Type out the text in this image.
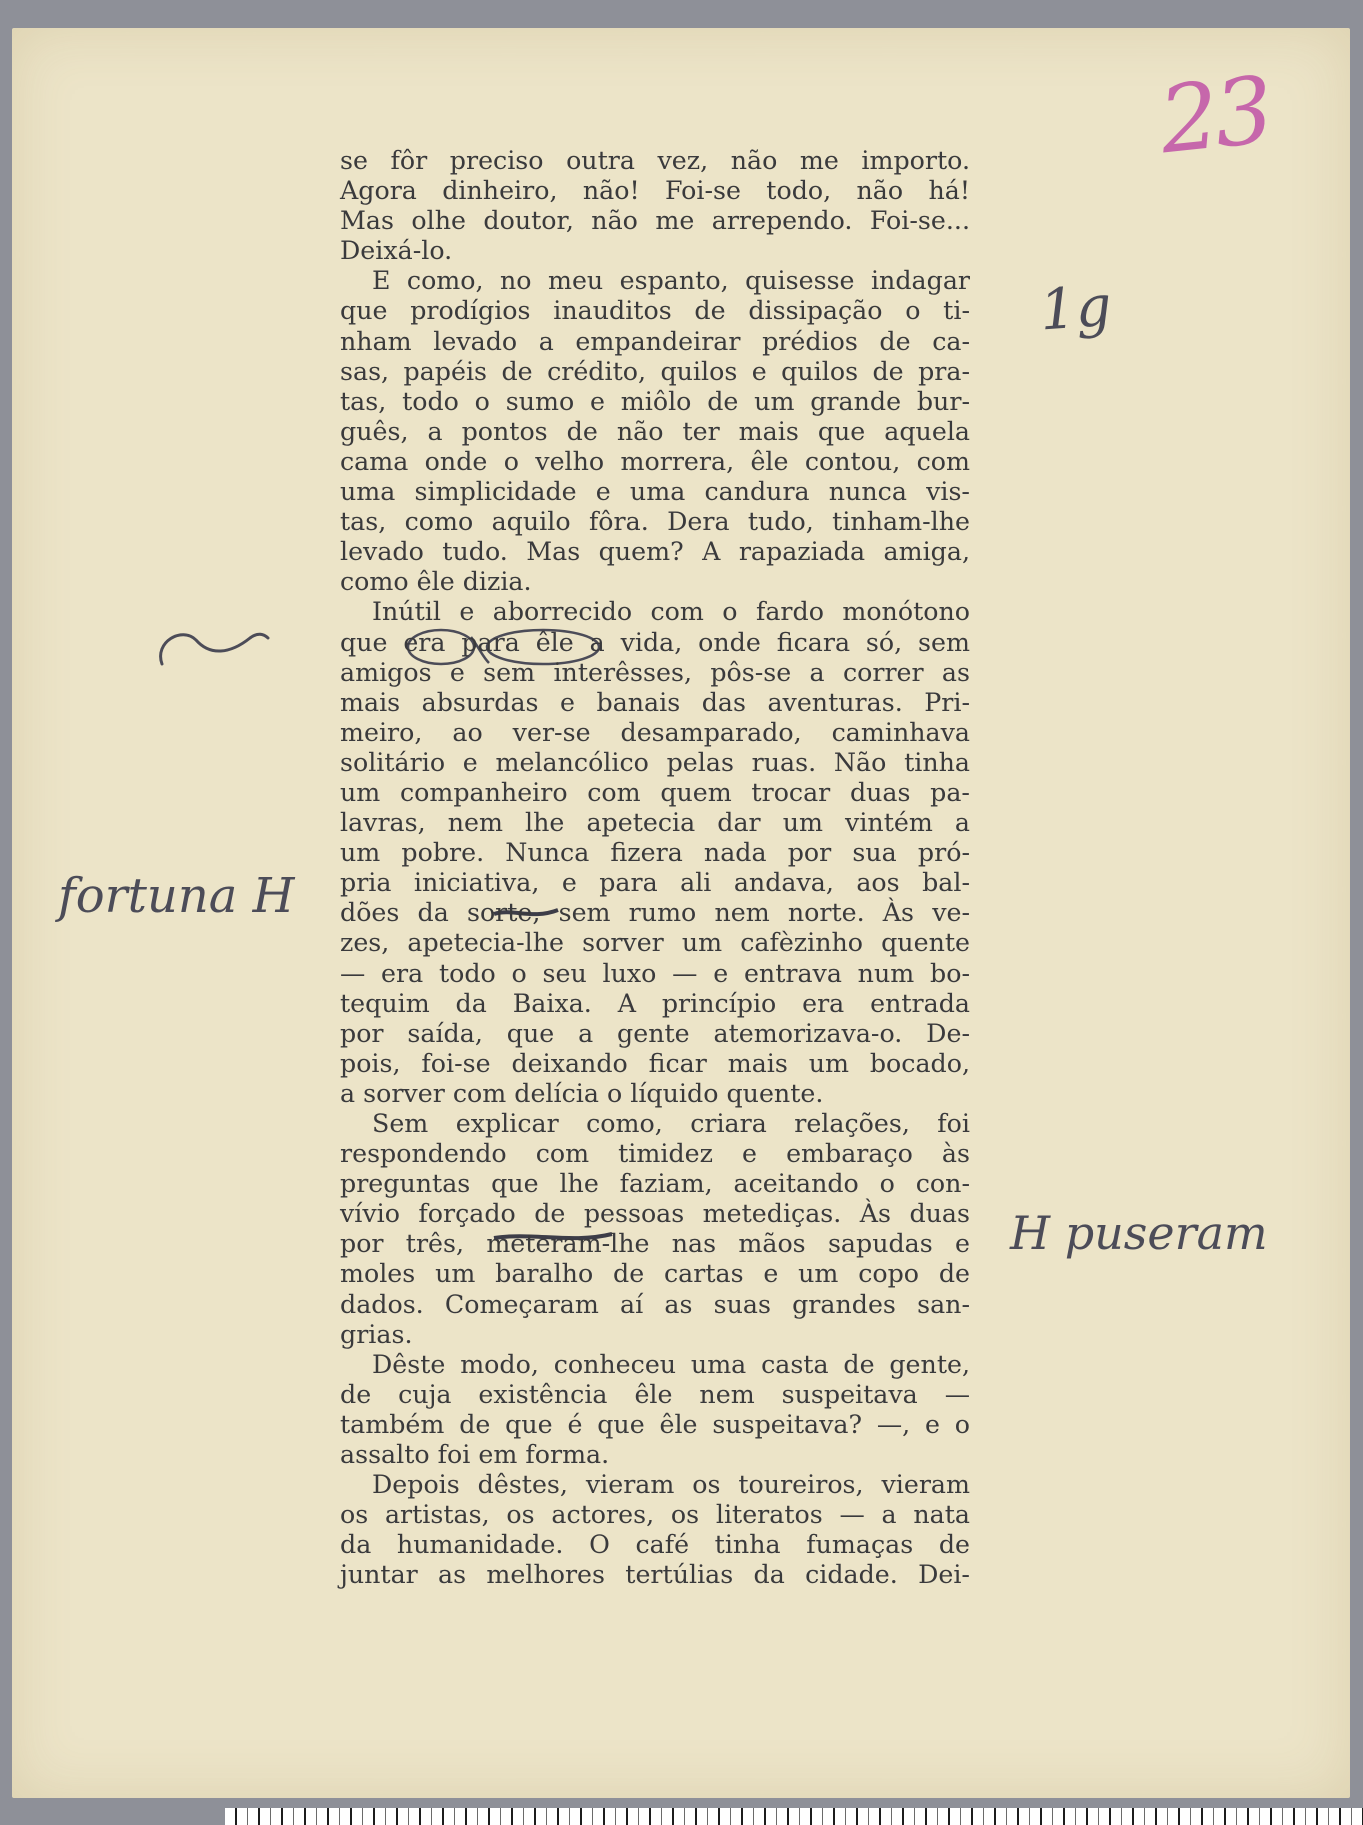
23
1g
fortuna H
H puseram
se fôr preciso outra vez, não me importo.
Agora dinheiro, não! Foi-se todo, não há!
Mas olhe doutor, não me arrependo. Foi-se...
Deixá-lo.
E como, no meu espanto, quisesse indagar
que prodígios inauditos de dissipação o ti-
nham levado a empandeirar prédios de ca-
sas, papéis de crédito, quilos e quilos de pra-
tas, todo o sumo e miôlo de um grande bur-
guês, a pontos de não ter mais que aquela
cama onde o velho morrera, êle contou, com
uma simplicidade e uma candura nunca vis-
tas, como aquilo fôra. Dera tudo, tinham-lhe
levado tudo. Mas quem? A rapaziada amiga,
como êle dizia.
Inútil e aborrecido com o fardo monótono
que era para êle a vida, onde ficara só, sem
amigos e sem interêsses, pôs-se a correr as
mais absurdas e banais das aventuras. Pri-
meiro, ao ver-se desamparado, caminhava
solitário e melancólico pelas ruas. Não tinha
um companheiro com quem trocar duas pa-
lavras, nem lhe apetecia dar um vintém a
um pobre. Nunca fizera nada por sua pró-
pria iniciativa, e para ali andava, aos bal-
dões da sorte, sem rumo nem norte. Às ve-
zes, apetecia-lhe sorver um cafèzinho quente
— era todo o seu luxo — e entrava num bo-
tequim da Baixa. A princípio era entrada
por saída, que a gente atemorizava-o. De-
pois, foi-se deixando ficar mais um bocado,
a sorver com delícia o líquido quente.
Sem explicar como, criara relações, foi
respondendo com timidez e embaraço às
preguntas que lhe faziam, aceitando o con-
vívio forçado de pessoas metediças. Às duas
por três, meteram-lhe nas mãos sapudas e
moles um baralho de cartas e um copo de
dados. Começaram aí as suas grandes san-
grias.
Dêste modo, conheceu uma casta de gente,
de cuja existência êle nem suspeitava —
também de que é que êle suspeitava? —, e o
assalto foi em forma.
Depois dêstes, vieram os toureiros, vieram
os artistas, os actores, os literatos — a nata
da humanidade. O café tinha fumaças de
juntar as melhores tertúlias da cidade. Dei-
